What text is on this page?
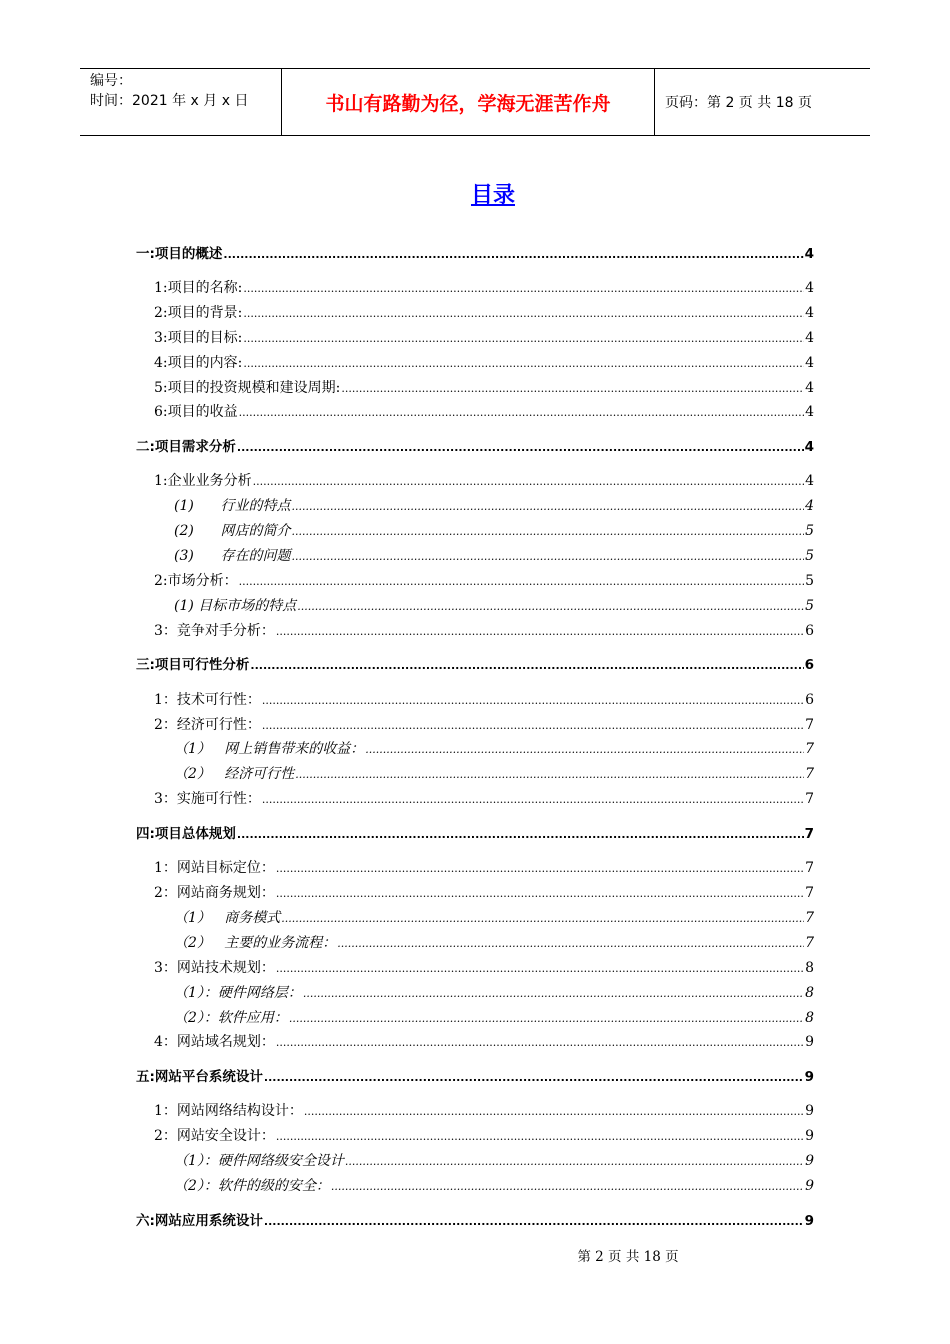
编号：
时间：2021 年 x 月 x 日	书山有路勤为径，学海无涯苦作舟	页码：第 2 页 共 18 页
目录
一:项目的概述 .....	4
1:项目的名称: .....	4
2:项目的背景: .....	4
3:项目的目标: .....	4
4:项目的内容: .....	4
5:项目的投资规模和建设周期: .....	4
6:项目的收益 .....	4
二:项目需求分析 .....	4
1:企业业务分析 .....	4
(1)      行业的特点 .....	4
(2)      网店的简介 .....	5
(3)      存在的问题 .....	5
2:市场分析： .....	5
(1) 目标市场的特点 .....	5
3：竞争对手分析： .....	6
三:项目可行性分析 .....	6
1：技术可行性： .....	6
2：经济可行性： .....	7
（1）   网上销售带来的收益： .....	7
（2）   经济可行性 .....	7
3：实施可行性： .....	7
四:项目总体规划 .....	7
1：网站目标定位： .....	7
2：网站商务规划： .....	7
（1）   商务模式 .....	7
（2）   主要的业务流程： .....	7
3：网站技术规划： .....	8
（1）：硬件网络层： .....	8
（2）：软件应用： .....	8
4：网站域名规划： .....	9
五:网站平台系统设计 .....	9
1：网站网络结构设计： .....	9
2：网站安全设计： .....	9
（1）：硬件网络级安全设计 .....	9
（2）：软件的级的安全： .....	9
六:网站应用系统设计 .....	9
第 2 页 共 18 页
